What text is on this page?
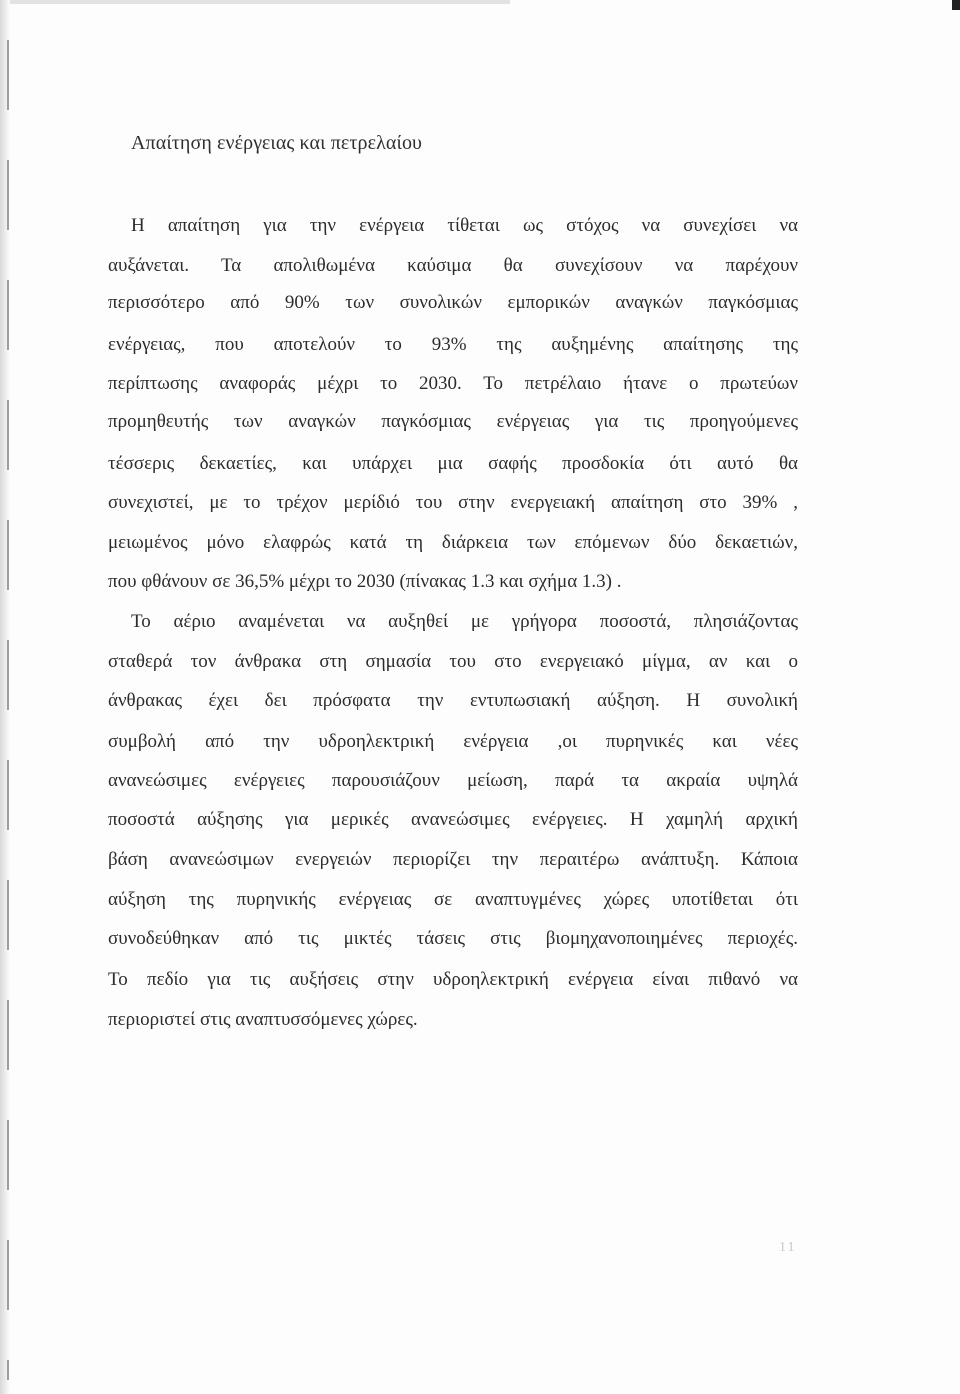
Απαίτηση ενέργειας και πετρελαίου
Η απαίτηση για την ενέργεια τίθεται ως στόχος να συνεχίσει να
αυξάνεται. Τα απολιθωμένα καύσιμα θα συνεχίσουν να παρέχουν
περισσότερο από 90% των συνολικών εμπορικών αναγκών παγκόσμιας
ενέργειας, που αποτελούν το 93% της αυξημένης απαίτησης της
περίπτωσης αναφοράς μέχρι το 2030. Το πετρέλαιο ήτανε ο πρωτεύων
προμηθευτής των αναγκών παγκόσμιας ενέργειας για τις προηγούμενες
τέσσερις δεκαετίες, και υπάρχει μια σαφής προσδοκία ότι αυτό θα
συνεχιστεί, με το τρέχον μερίδιό του στην ενεργειακή απαίτηση στο 39% ,
μειωμένος μόνο ελαφρώς κατά τη διάρκεια των επόμενων δύο δεκαετιών,
που φθάνουν σε 36,5% μέχρι το 2030 (πίνακας 1.3 και σχήμα 1.3) .
Το αέριο αναμένεται να αυξηθεί με γρήγορα ποσοστά, πλησιάζοντας
σταθερά τον άνθρακα στη σημασία του στο ενεργειακό μίγμα, αν και ο
άνθρακας έχει δει πρόσφατα την εντυπωσιακή αύξηση. Η συνολική
συμβολή από την υδροηλεκτρική ενέργεια ,οι πυρηνικές και νέες
ανανεώσιμες ενέργειες παρουσιάζουν μείωση, παρά τα ακραία υψηλά
ποσοστά αύξησης για μερικές ανανεώσιμες ενέργειες. Η χαμηλή αρχική
βάση ανανεώσιμων ενεργειών περιορίζει την περαιτέρω ανάπτυξη. Κάποια
αύξηση της πυρηνικής ενέργειας σε αναπτυγμένες χώρες υποτίθεται ότι
συνοδεύθηκαν από τις μικτές τάσεις στις βιομηχανοποιημένες περιοχές.
Το πεδίο για τις αυξήσεις στην υδροηλεκτρική ενέργεια είναι πιθανό να
περιοριστεί στις αναπτυσσόμενες χώρες.
11
